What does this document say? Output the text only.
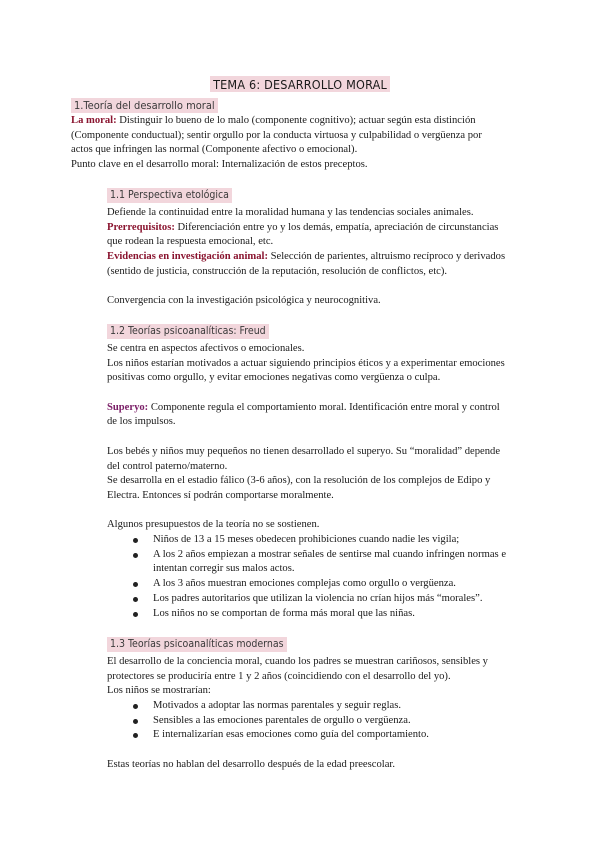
TEMA 6: DESARROLLO MORAL
1.Teoría del desarrollo moral
La moral: Distinguir lo bueno de lo malo (componente cognitivo); actuar según esta distinción
(Componente conductual); sentir orgullo por la conducta virtuosa y culpabilidad o vergüenza por
actos que infringen las normal (Componente afectivo o emocional).
Punto clave en el desarrollo moral: Internalización de estos preceptos.
1.1 Perspectiva etológica
Defiende la continuidad entre la moralidad humana y las tendencias sociales animales.
Prerrequisitos: Diferenciación entre yo y los demás, empatía, apreciación de circunstancias
que rodean la respuesta emocional, etc.
Evidencias en investigación animal: Selección de parientes, altruismo recíproco y derivados
(sentido de justicia, construcción de la reputación, resolución de conflictos, etc).
Convergencia con la investigación psicológica y neurocognitiva.
1.2 Teorías psicoanalíticas: Freud
Se centra en aspectos afectivos o emocionales.
Los niños estarían motivados a actuar siguiendo principios éticos y a experimentar emociones
positivas como orgullo, y evitar emociones negativas como vergüenza o culpa.
Superyo: Componente regula el comportamiento moral. Identificación entre moral y control
de los impulsos.
Los bebés y niños muy pequeños no tienen desarrollado el superyo. Su “moralidad” depende
del control paterno/materno.
Se desarrolla en el estadio fálico (3-6 años), con la resolución de los complejos de Edipo y
Electra. Entonces sí podrán comportarse moralmente.
Algunos presupuestos de la teoría no se sostienen.
Niños de 13 a 15 meses obedecen prohibiciones cuando nadie les vigila;
A los 2 años empiezan a mostrar señales de sentirse mal cuando infringen normas e
intentan corregir sus malos actos.
A los 3 años muestran emociones complejas como orgullo o vergüenza.
Los padres autoritarios que utilizan la violencia no crían hijos más “morales”.
Los niños no se comportan de forma más moral que las niñas.
1.3 Teorías psicoanalíticas modernas
El desarrollo de la conciencia moral, cuando los padres se muestran cariñosos, sensibles y
protectores se produciría entre 1 y 2 años (coincidiendo con el desarrollo del yo).
Los niños se mostrarían:
Motivados a adoptar las normas parentales y seguir reglas.
Sensibles a las emociones parentales de orgullo o vergüenza.
E internalizarían esas emociones como guía del comportamiento.
Estas teorías no hablan del desarrollo después de la edad preescolar.
